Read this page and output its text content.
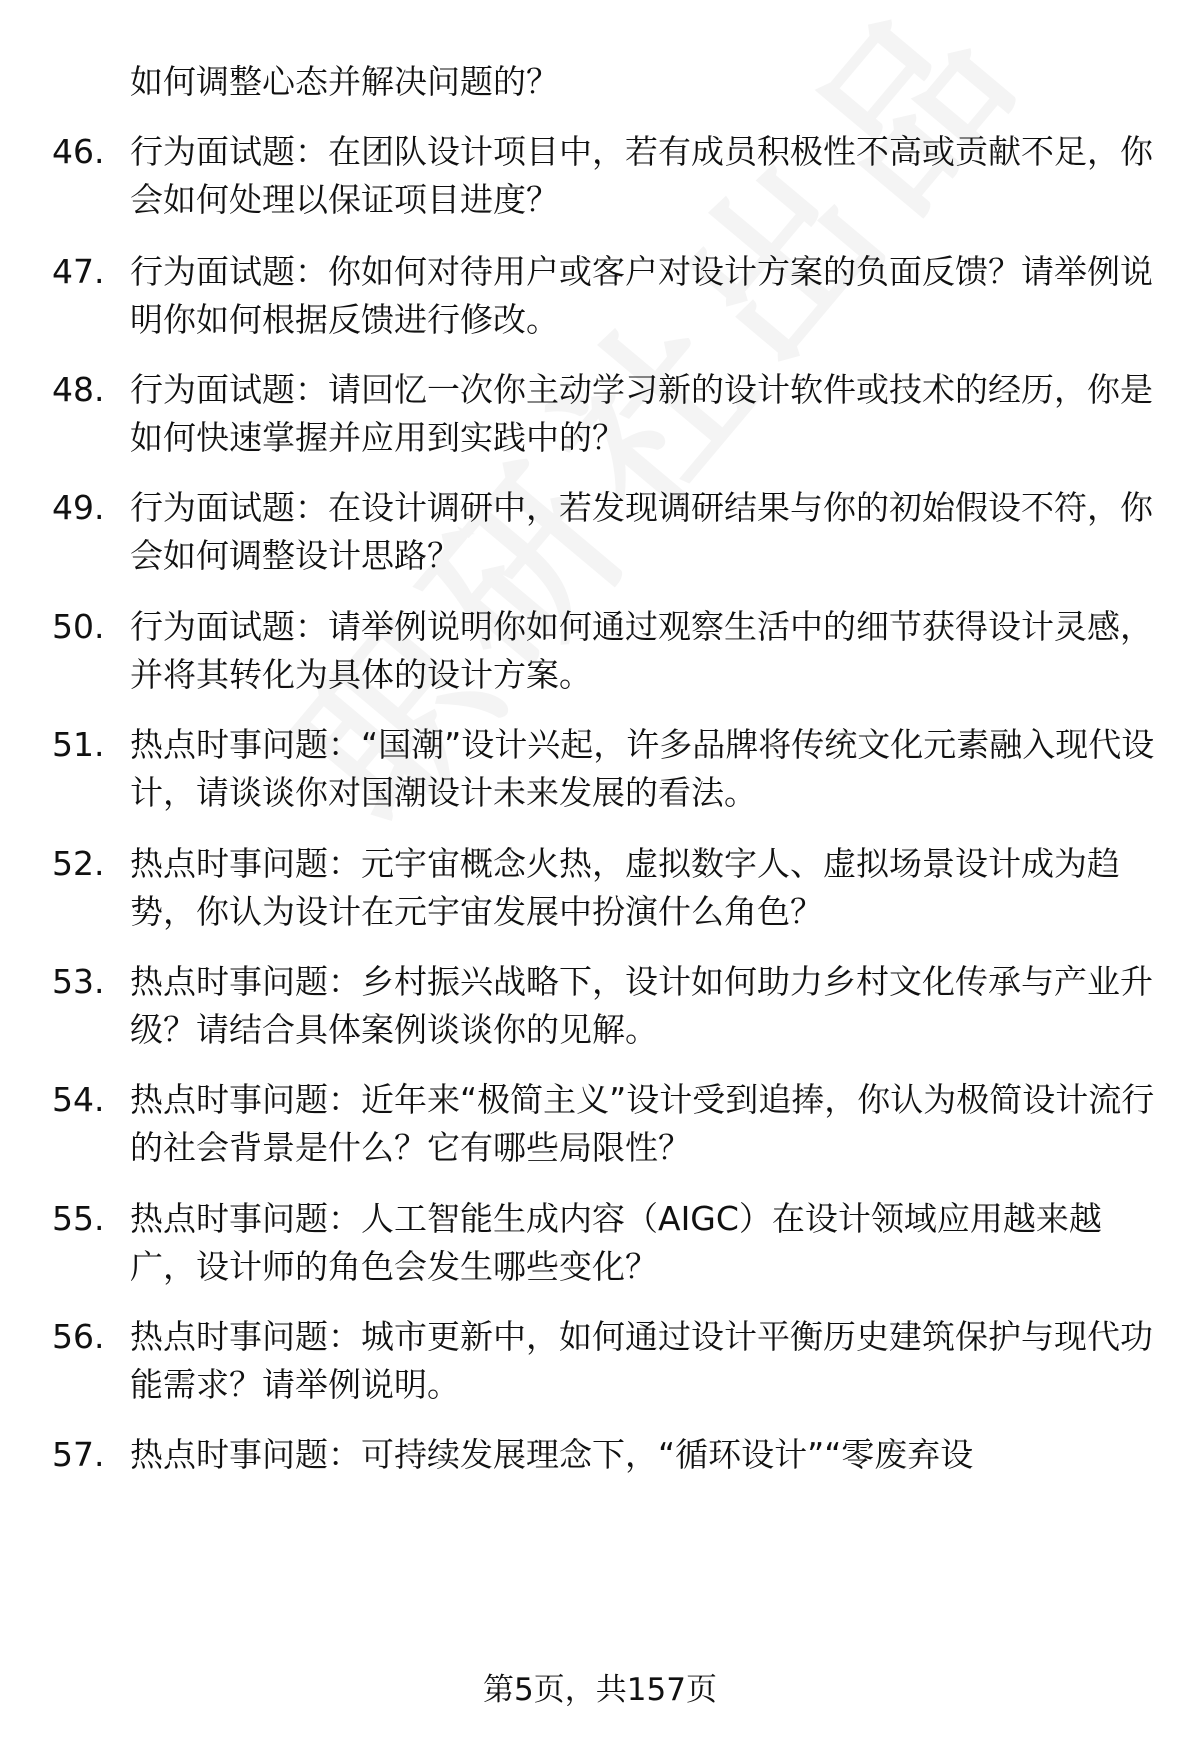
如何调整心态并解决问题的？
46. 行为面试题：在团队设计项目中，若有成员积极性不高或贡献不足，你会如何处理以保证项目进度？
47. 行为面试题：你如何对待用户或客户对设计方案的负面反馈？请举例说明你如何根据反馈进行修改。
48. 行为面试题：请回忆一次你主动学习新的设计软件或技术的经历，你是如何快速掌握并应用到实践中的？
49. 行为面试题：在设计调研中，若发现调研结果与你的初始假设不符，你会如何调整设计思路？
50. 行为面试题：请举例说明你如何通过观察生活中的细节获得设计灵感，并将其转化为具体的设计方案。
51. 热点时事问题：“国潮”设计兴起，许多品牌将传统文化元素融入现代设计，请谈谈你对国潮设计未来发展的看法。
52. 热点时事问题：元宇宙概念火热，虚拟数字人、虚拟场景设计成为趋势，你认为设计在元宇宙发展中扮演什么角色？
53. 热点时事问题：乡村振兴战略下，设计如何助力乡村文化传承与产业升级？请结合具体案例谈谈你的见解。
54. 热点时事问题：近年来“极简主义”设计受到追捧，你认为极简设计流行的社会背景是什么？它有哪些局限性？
55. 热点时事问题：人工智能生成内容（AIGC）在设计领域应用越来越广，设计师的角色会发生哪些变化？
56. 热点时事问题：城市更新中，如何通过设计平衡历史建筑保护与现代功能需求？请举例说明。
57. 热点时事问题：可持续发展理念下，“循环设计”“零废弃设
第5页，共157页
